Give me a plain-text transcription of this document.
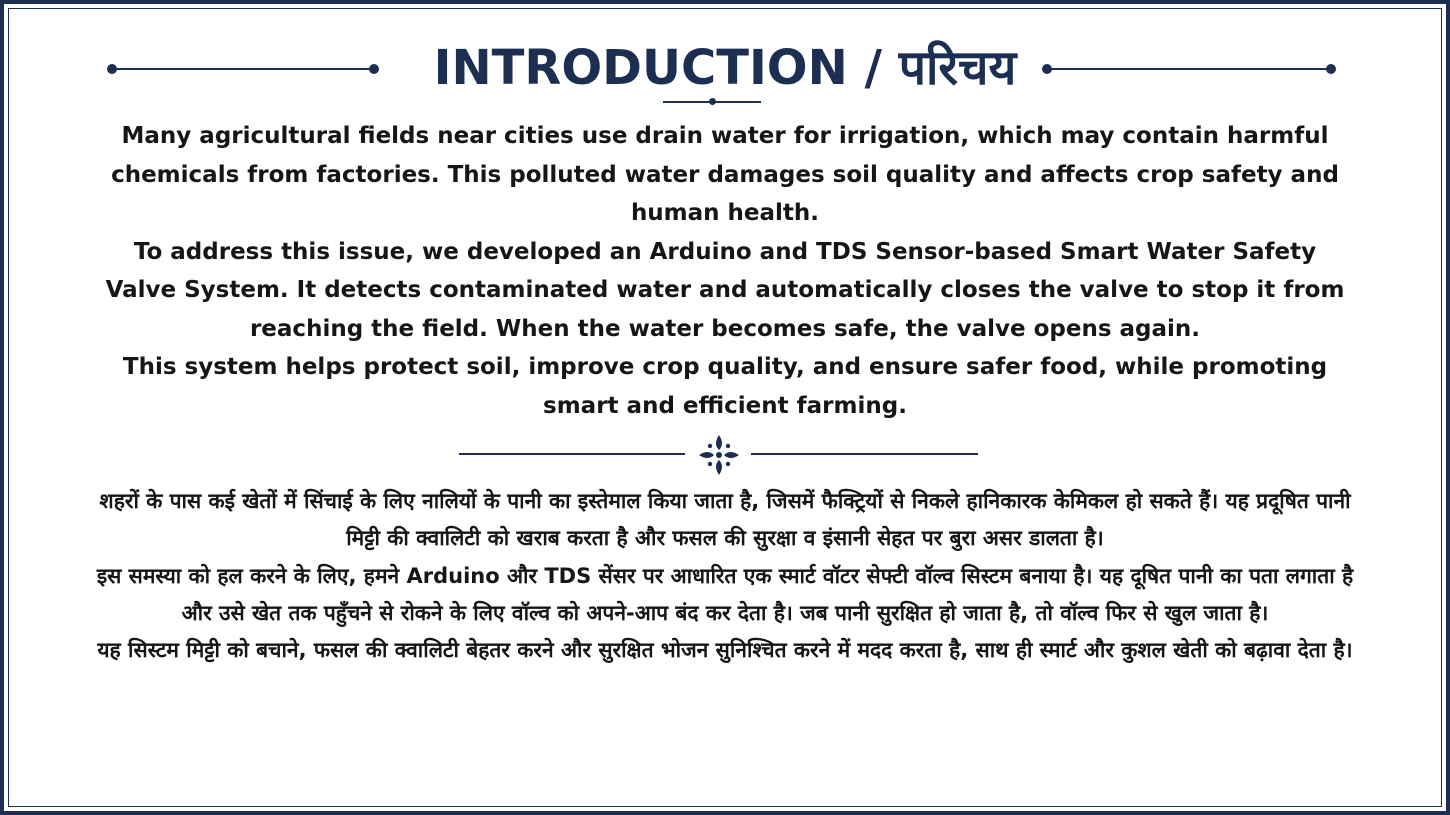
INTRODUCTION / परिचय

Many agricultural fields near cities use drain water for irrigation, which may contain harmful chemicals from factories. This polluted water damages soil quality and affects crop safety and human health.

To address this issue, we developed an Arduino and TDS Sensor-based Smart Water Safety Valve System. It detects contaminated water and automatically closes the valve to stop it from reaching the field. When the water becomes safe, the valve opens again.

This system helps protect soil, improve crop quality, and ensure safer food, while promoting smart and efficient farming.

शहरों के पास कई खेतों में सिंचाई के लिए नालियों के पानी का इस्तेमाल किया जाता है, जिसमें फैक्ट्रियों से निकले हानिकारक केमिकल हो सकते हैं। यह प्रदूषित पानी मिट्टी की क्वालिटी को खराब करता है और फसल की सुरक्षा व इंसानी सेहत पर बुरा असर डालता है।

इस समस्या को हल करने के लिए, हमने Arduino और TDS सेंसर पर आधारित एक स्मार्ट वॉटर सेफ्टी वॉल्व सिस्टम बनाया है। यह दूषित पानी का पता लगाता है और उसे खेत तक पहुँचने से रोकने के लिए वॉल्व को अपने-आप बंद कर देता है। जब पानी सुरक्षित हो जाता है, तो वॉल्व फिर से खुल जाता है।

यह सिस्टम मिट्टी को बचाने, फसल की क्वालिटी बेहतर करने और सुरक्षित भोजन सुनिश्चित करने में मदद करता है, साथ ही स्मार्ट और कुशल खेती को बढ़ावा देता है।
